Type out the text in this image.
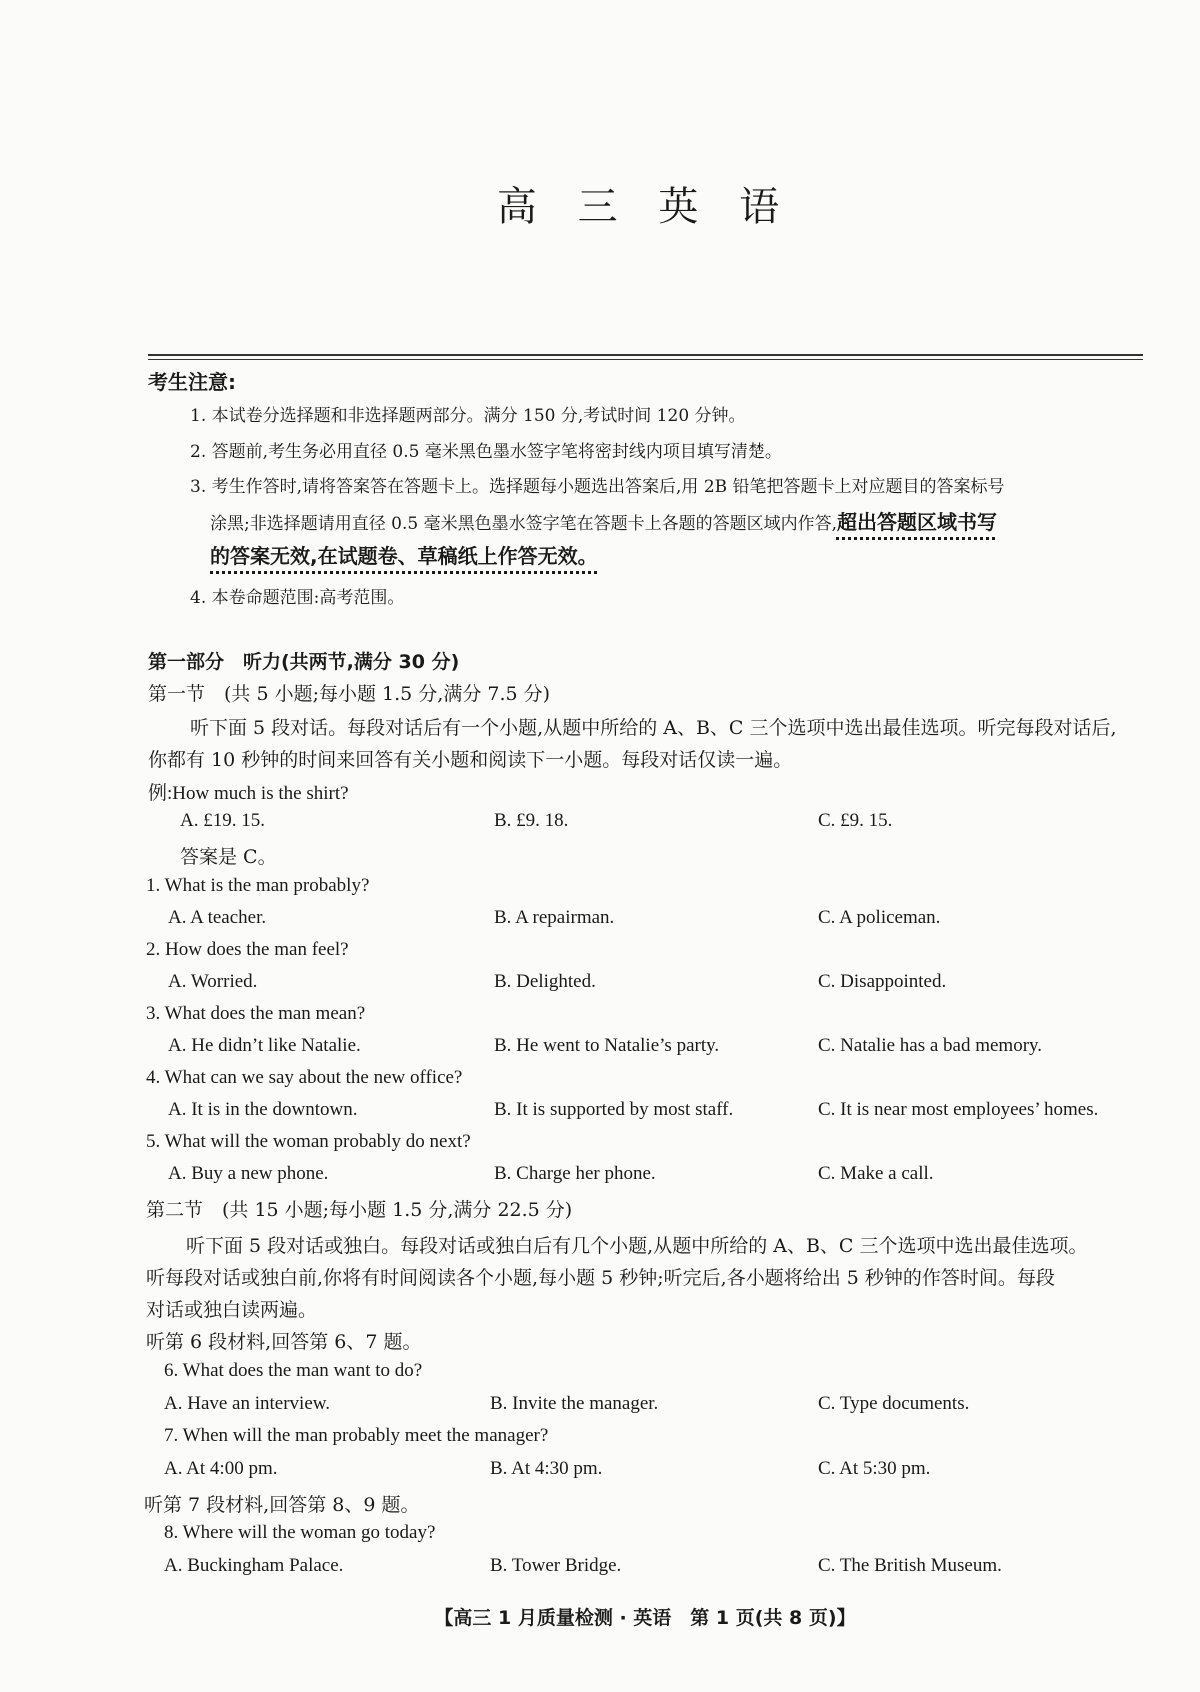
高 三 英 语
考生注意:
1. 本试卷分选择题和非选择题两部分。满分 150 分,考试时间 120 分钟。
2. 答题前,考生务必用直径 0.5 毫米黑色墨水签字笔将密封线内项目填写清楚。
3. 考生作答时,请将答案答在答题卡上。选择题每小题选出答案后,用 2B 铅笔把答题卡上对应题目的答案标号
涂黑;非选择题请用直径 0.5 毫米黑色墨水签字笔在答题卡上各题的答题区域内作答,超出答题区域书写
的答案无效,在试题卷、草稿纸上作答无效。
4. 本卷命题范围:高考范围。
第一部分　听力(共两节,满分 30 分)
第一节　(共 5 小题;每小题 1.5 分,满分 7.5 分)
听下面 5 段对话。每段对话后有一个小题,从题中所给的 A、B、C 三个选项中选出最佳选项。听完每段对话后,
你都有 10 秒钟的时间来回答有关小题和阅读下一小题。每段对话仅读一遍。
例:How much is the shirt?
A. £19. 15.	B. £9. 18.	C. £9. 15.
答案是 C。
1. What is the man probably?
A. A teacher.	B. A repairman.	C. A policeman.
2. How does the man feel?
A. Worried.	B. Delighted.	C. Disappointed.
3. What does the man mean?
A. He didn’t like Natalie.	B. He went to Natalie’s party.	C. Natalie has a bad memory.
4. What can we say about the new office?
A. It is in the downtown.	B. It is supported by most staff.	C. It is near most employees’ homes.
5. What will the woman probably do next?
A. Buy a new phone.	B. Charge her phone.	C. Make a call.
第二节　(共 15 小题;每小题 1.5 分,满分 22.5 分)
听下面 5 段对话或独白。每段对话或独白后有几个小题,从题中所给的 A、B、C 三个选项中选出最佳选项。
听每段对话或独白前,你将有时间阅读各个小题,每小题 5 秒钟;听完后,各小题将给出 5 秒钟的作答时间。每段
对话或独白读两遍。
听第 6 段材料,回答第 6、7 题。
6. What does the man want to do?
A. Have an interview.	B. Invite the manager.	C. Type documents.
7. When will the man probably meet the manager?
A. At 4:00 pm.	B. At 4:30 pm.	C. At 5:30 pm.
听第 7 段材料,回答第 8、9 题。
8. Where will the woman go today?
A. Buckingham Palace.	B. Tower Bridge.	C. The British Museum.
【高三 1 月质量检测 · 英语　第 1 页(共 8 页)】
